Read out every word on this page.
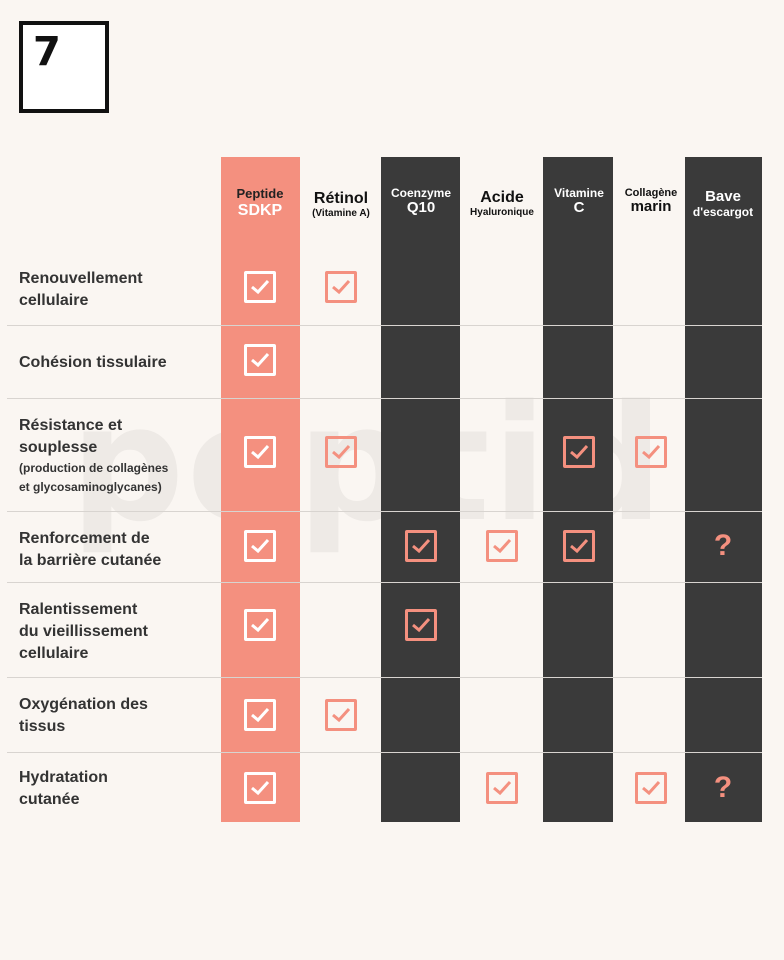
7
Peptide
SDKP
Rétinol
(Vitamine A)
Coenzyme
Q10
Acide
Hyaluronique
Vitamine
C
Collagène
marin
Bave
d'escargot
Renouvellement
cellulaire
Cohésion tissulaire
Résistance et
souplesse
(production de collagènes
et glycosaminoglycanes)
Renforcement de
la barrière cutanée	?
Ralentissement
du vieillissement
cellulaire
Oxygénation des
tissus
Hydratation
cutanée	?
